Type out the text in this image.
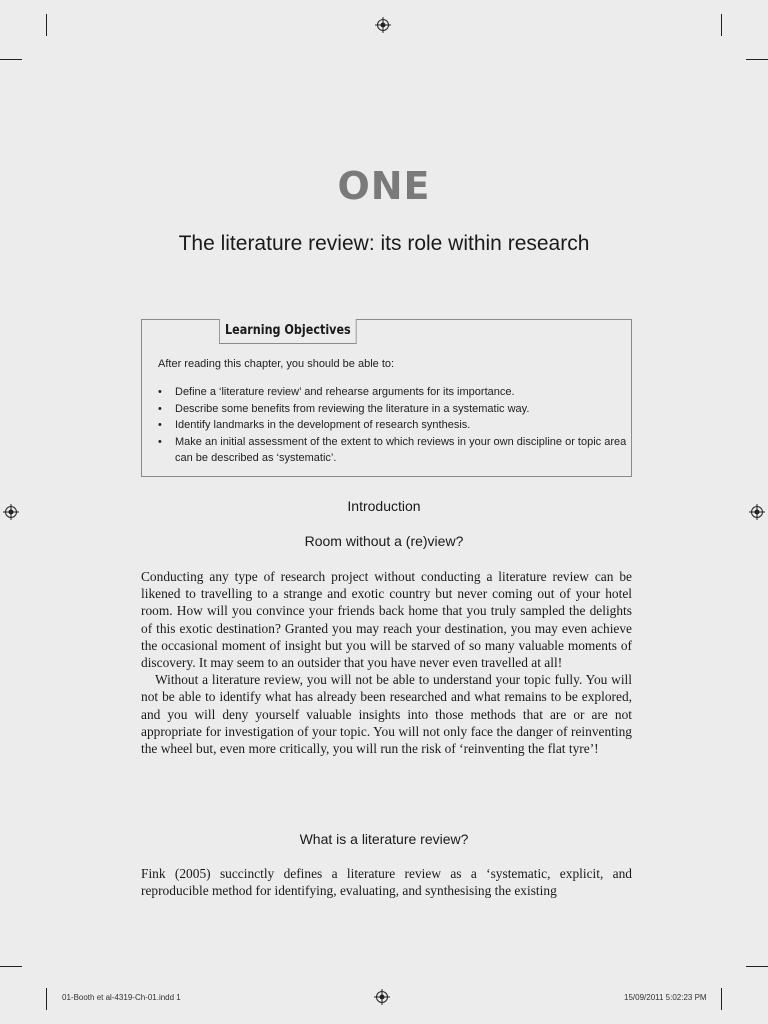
ONE
The literature review: its role within research
Learning Objectives
After reading this chapter, you should be able to:
• Define a ‘literature review’ and rehearse arguments for its importance.
• Describe some benefits from reviewing the literature in a systematic way.
• Identify landmarks in the development of research synthesis.
• Make an initial assessment of the extent to which reviews in your own discipline or topic area can be described as ‘systematic’.
Introduction
Room without a (re)view?

Conducting any type of research project without conducting a literature review can be likened to travelling to a strange and exotic country but never coming out of your hotel room. How will you convince your friends back home that you truly sampled the delights of this exotic destination? Granted you may reach your destination, you may even achieve the occasional moment of insight but you will be starved of so many valuable moments of discovery. It may seem to an outsider that you have never even travelled at all!

Without a literature review, you will not be able to understand your topic fully. You will not be able to identify what has already been researched and what remains to be explored, and you will deny yourself valuable insights into those methods that are or are not appropriate for investigation of your topic. You will not only face the danger of reinventing the wheel but, even more critically, you will run the risk of ‘reinventing the flat tyre’!

What is a literature review?

Fink (2005) succinctly defines a literature review as a ‘systematic, explicit, and reproducible method for identifying, evaluating, and synthesising the existing

01-Booth et al-4319-Ch-01.indd 1	15/09/2011 5:02:23 PM
